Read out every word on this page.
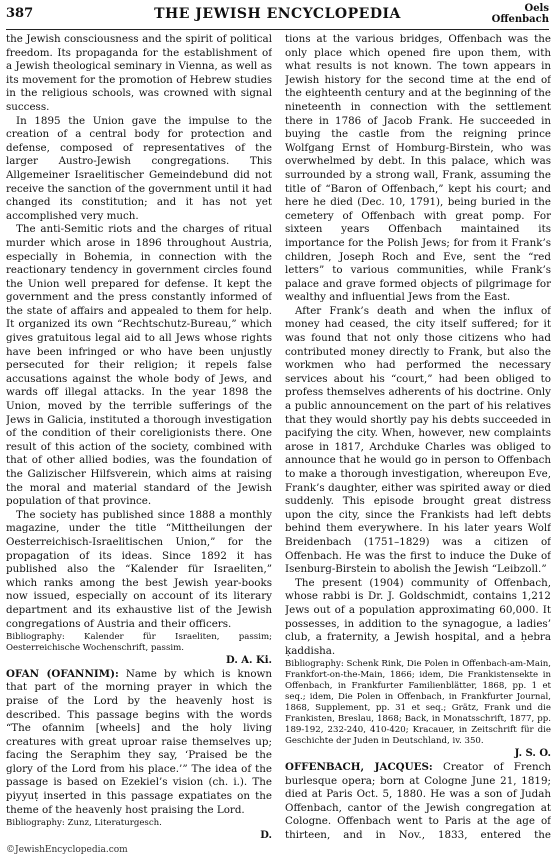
387	THE JEWISH ENCYCLOPEDIA	Oels
Offenbach

the Jewish consciousness and the spirit of political freedom. Its propaganda for the establishment of a Jewish theological seminary in Vienna, as well as its movement for the promotion of Hebrew studies in the religious schools, was crowned with signal success.

In 1895 the Union gave the impulse to the creation of a central body for protection and defense, composed of representatives of the larger Austro-Jewish congregations. This Allgemeiner Israelitischer Gemeindebund did not receive the sanction of the government until it had changed its constitution; and it has not yet accomplished very much.

The anti-Semitic riots and the charges of ritual murder which arose in 1896 throughout Austria, especially in Bohemia, in connection with the reactionary tendency in government circles found the Union well prepared for defense. It kept the government and the press constantly informed of the state of affairs and appealed to them for help. It organized its own “Rechtschutz-Bureau,” which gives gratuitous legal aid to all Jews whose rights have been infringed or who have been unjustly persecuted for their religion; it repels false accusations against the whole body of Jews, and wards off illegal attacks. In the year 1898 the Union, moved by the terrible sufferings of the Jews in Galicia, instituted a thorough investigation of the condition of their coreligionists there. One result of this action of the society, combined with that of other allied bodies, was the foundation of the Galizischer Hilfsverein, which aims at raising the moral and material standard of the Jewish population of that province.

The society has published since 1888 a monthly magazine, under the title “Mittheilungen der Oesterreichisch-Israelitischen Union,” for the propagation of its ideas. Since 1892 it has published also the “Kalender für Israeliten,” which ranks among the best Jewish year-books now issued, especially on account of its literary department and its exhaustive list of the Jewish congregations of Austria and their officers.

Bibliography: Kalender für Israeliten, passim; Oesterreichische Wochenschrift, passim.

D. A. Ki.

OFAN (OFANNIM): Name by which is known that part of the morning prayer in which the praise of the Lord by the heavenly host is described. This passage begins with the words “The ofannim [wheels] and the holy living creatures with great uproar raise themselves up; facing the Seraphim they say, ‘Praised be the glory of the Lord from his place.’” The idea of the passage is based on Ezekiel’s vision (ch. i.). The piyyuṭ inserted in this passage expatiates on the theme of the heavenly host praising the Lord.

Bibliography: Zunz, Literaturgesch.

D.

tions at the various bridges, Offenbach was the only place which opened fire upon them, with what results is not known. The town appears in Jewish history for the second time at the end of the eighteenth century and at the beginning of the nineteenth in connection with the settlement there in 1786 of Jacob Frank. He succeeded in buying the castle from the reigning prince Wolfgang Ernst of Homburg-Birstein, who was overwhelmed by debt. In this palace, which was surrounded by a strong wall, Frank, assuming the title of “Baron of Offenbach,” kept his court; and here he died (Dec. 10, 1791), being buried in the cemetery of Offenbach with great pomp. For sixteen years Offenbach maintained its importance for the Polish Jews; for from it Frank’s children, Joseph Roch and Eve, sent the “red letters” to various communities, while Frank’s palace and grave formed objects of pilgrimage for wealthy and influential Jews from the East.

After Frank’s death and when the influx of money had ceased, the city itself suffered; for it was found that not only those citizens who had contributed money directly to Frank, but also the workmen who had performed the necessary services about his “court,” had been obliged to profess themselves adherents of his doctrine. Only a public announcement on the part of his relatives that they would shortly pay his debts succeeded in pacifying the city. When, however, new complaints arose in 1817, Archduke Charles was obliged to announce that he would go in person to Offenbach to make a thorough investigation, whereupon Eve, Frank’s daughter, either was spirited away or died suddenly. This episode brought great distress upon the city, since the Frankists had left debts behind them everywhere. In his later years Wolf Breidenbach (1751–1829) was a citizen of Offenbach. He was the first to induce the Duke of Isenburg-Birstein to abolish the Jewish “Leibzoll.”

The present (1904) community of Offenbach, whose rabbi is Dr. J. Goldschmidt, contains 1,212 Jews out of a population approximating 60,000. It possesses, in addition to the synagogue, a ladies’ club, a fraternity, a Jewish hospital, and a ḥebra ḳaddisha.

Bibliography: Schenk Rink, Die Polen in Offenbach-am-Main, Frankfort-on-the-Main, 1866; idem, Die Frankistensekte in Offenbach, in Frankfurter Familienblätter, 1868, pp. 1 et seq.; idem, Die Polen in Offenbach, in Frankfurter Journal, 1868, Supplement, pp. 31 et seq.; Grätz, Frank und die Frankisten, Breslau, 1868; Back, in Monatsschrift, 1877, pp. 189-192, 232-240, 410-420; Kracauer, in Zeitschrift für die Geschichte der Juden in Deutschland, iv. 350.

J. S. O.

OFFENBACH, JACQUES: Creator of French burlesque opera; born at Cologne June 21, 1819; died at Paris Oct. 5, 1880. He was a son of Judah Offenbach, cantor of the Jewish congregation at Cologne. Offenbach went to Paris at the age of thirteen, and in Nov., 1833, entered the

©JewishEncyclopedia.com
